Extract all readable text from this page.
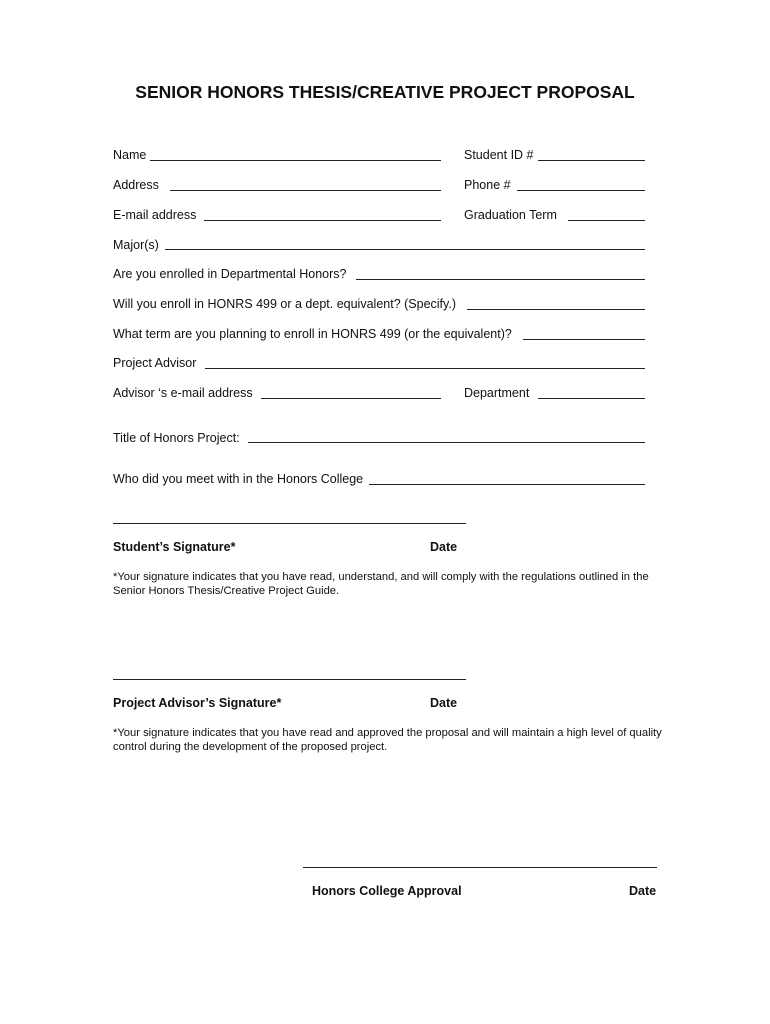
SENIOR HONORS THESIS/CREATIVE PROJECT PROPOSAL
Name	Student ID #
Address	Phone #
E-mail address	Graduation Term
Major(s)
Are you enrolled in Departmental Honors?
Will you enroll in HONRS 499 or a dept. equivalent? (Specify.)
What term are you planning to enroll in HONRS 499 (or the equivalent)?
Project Advisor
Advisor ‘s e-mail address	Department
Title of Honors Project:
Who did you meet with in the Honors College
Student’s Signature*	Date
*Your signature indicates that you have read, understand, and will comply with the regulations outlined in the Senior Honors Thesis/Creative Project Guide.
Project Advisor’s Signature*	Date
*Your signature indicates that you have read and approved the proposal and will maintain a high level of quality control during the development of the proposed project.
Honors College Approval	Date
